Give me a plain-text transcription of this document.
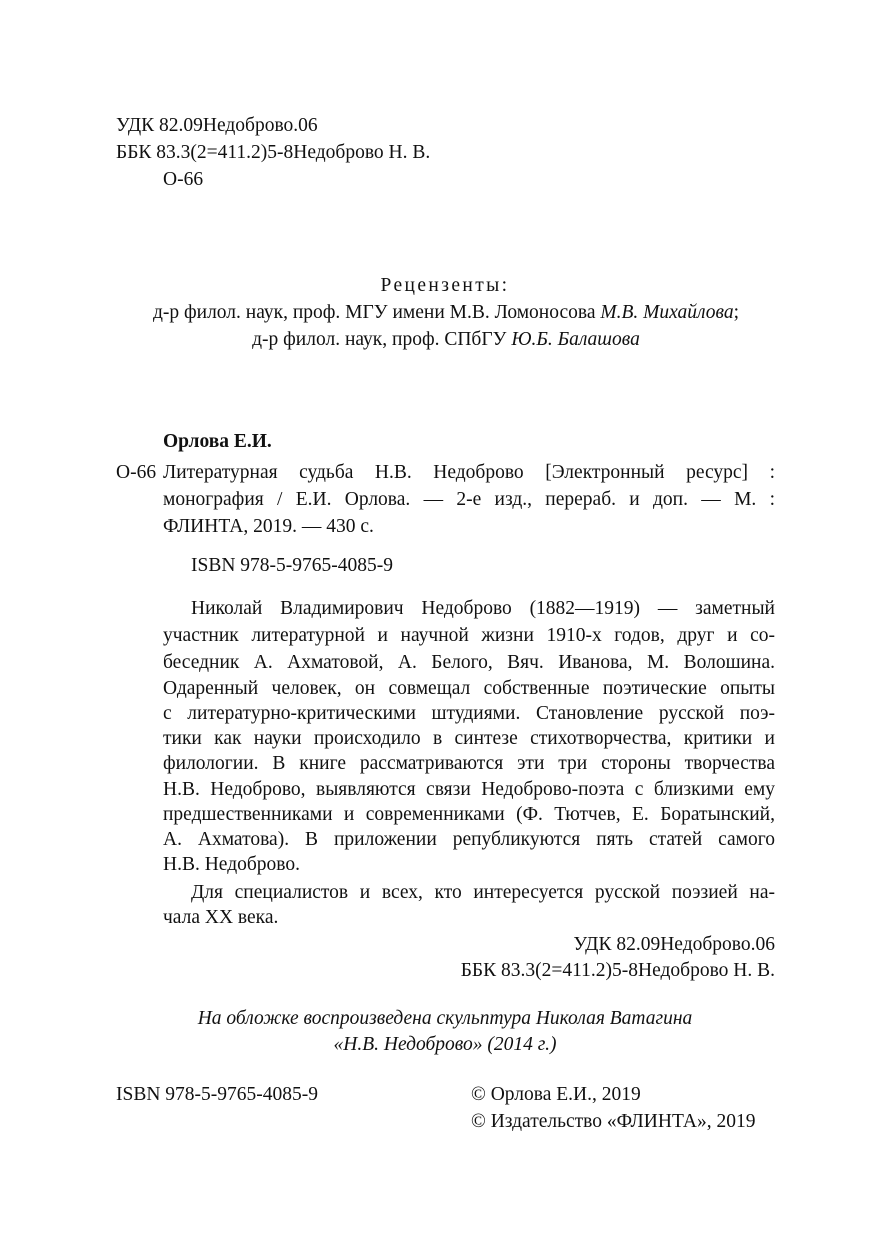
УДК 82.09Недоброво.06
ББК 83.3(2=411.2)5-8Недоброво Н. В.
О-66
Рецензенты:
д-р филол. наук, проф. МГУ имени М.В. Ломоносова М.В. Михайлова;
д-р филол. наук, проф. СПбГУ Ю.Б. Балашова
Орлова Е.И.
О-66 Литературная судьба Н.В. Недоброво [Электронный ресурс] :
монография / Е.И. Орлова. — 2-е изд., перераб. и доп. — М. :
ФЛИНТА, 2019. — 430 с.
ISBN 978-5-9765-4085-9
Николай Владимирович Недоброво (1882—1919) — заметный
участник литературной и научной жизни 1910-х годов, друг и со-
беседник А. Ахматовой, А. Белого, Вяч. Иванова, М. Волошина.
Одаренный человек, он совмещал собственные поэтические опыты
с литературно-критическими штудиями. Становление русской поэ-
тики как науки происходило в синтезе стихотворчества, критики и
филологии. В книге рассматриваются эти три стороны творчества
Н.В. Недоброво, выявляются связи Недоброво-поэта с близкими ему
предшественниками и современниками (Ф. Тютчев, Е. Боратынский,
А. Ахматова). В приложении републикуются пять статей самого
Н.В. Недоброво.
Для специалистов и всех, кто интересуется русской поэзией на-
чала XX века.
УДК 82.09Недоброво.06
ББК 83.3(2=411.2)5-8Недоброво Н. В.
На обложке воспроизведена скульптура Николая Ватагина
«Н.В. Недоброво» (2014 г.)
ISBN 978-5-9765-4085-9	© Орлова Е.И., 2019
© Издательство «ФЛИНТА», 2019
